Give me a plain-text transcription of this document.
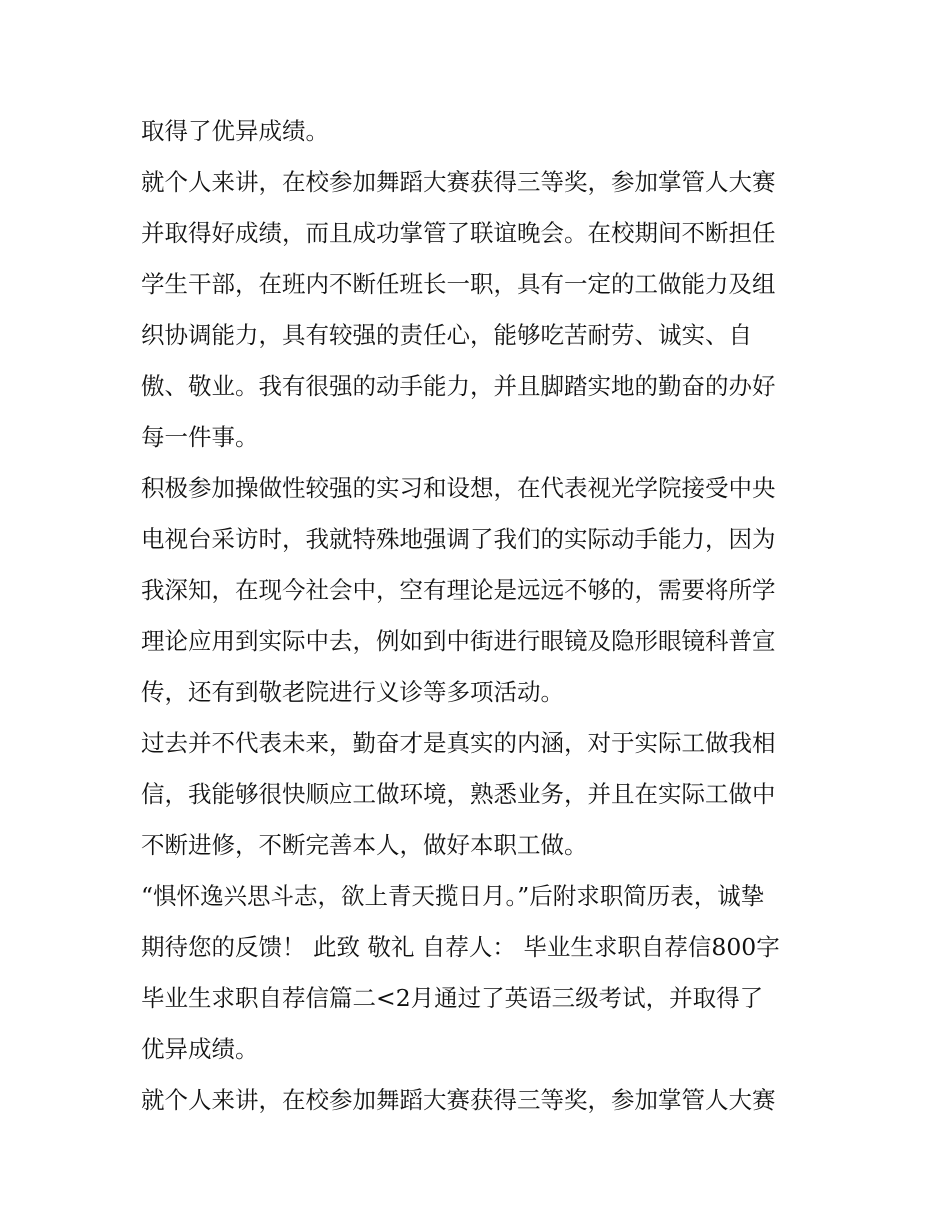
取得了优异成绩。
就个人来讲，在校参加舞蹈大赛获得三等奖，参加掌管人大赛
并取得好成绩，而且成功掌管了联谊晚会。在校期间不断担任
学生干部，在班内不断任班长一职，具有一定的工做能力及组
织协调能力，具有较强的责任心，能够吃苦耐劳、诚实、自
傲、敬业。我有很强的动手能力，并且脚踏实地的勤奋的办好
每一件事。
积极参加操做性较强的实习和设想，在代表视光学院接受中央
电视台采访时，我就特殊地强调了我们的实际动手能力，因为
我深知，在现今社会中，空有理论是远远不够的，需要将所学
理论应用到实际中去，例如到中街进行眼镜及隐形眼镜科普宣
传，还有到敬老院进行义诊等多项活动。
过去并不代表未来，勤奋才是真实的内涵，对于实际工做我相
信，我能够很快顺应工做环境，熟悉业务，并且在实际工做中
不断进修，不断完善本人，做好本职工做。
“惧怀逸兴思斗志，欲上青天揽日月。”后附求职简历表，诚挚
期待您的反馈！ 此致 敬礼 自荐人： 毕业生求职自荐信800字
毕业生求职自荐信篇二<2月通过了英语三级考试，并取得了
优异成绩。
就个人来讲，在校参加舞蹈大赛获得三等奖，参加掌管人大赛
